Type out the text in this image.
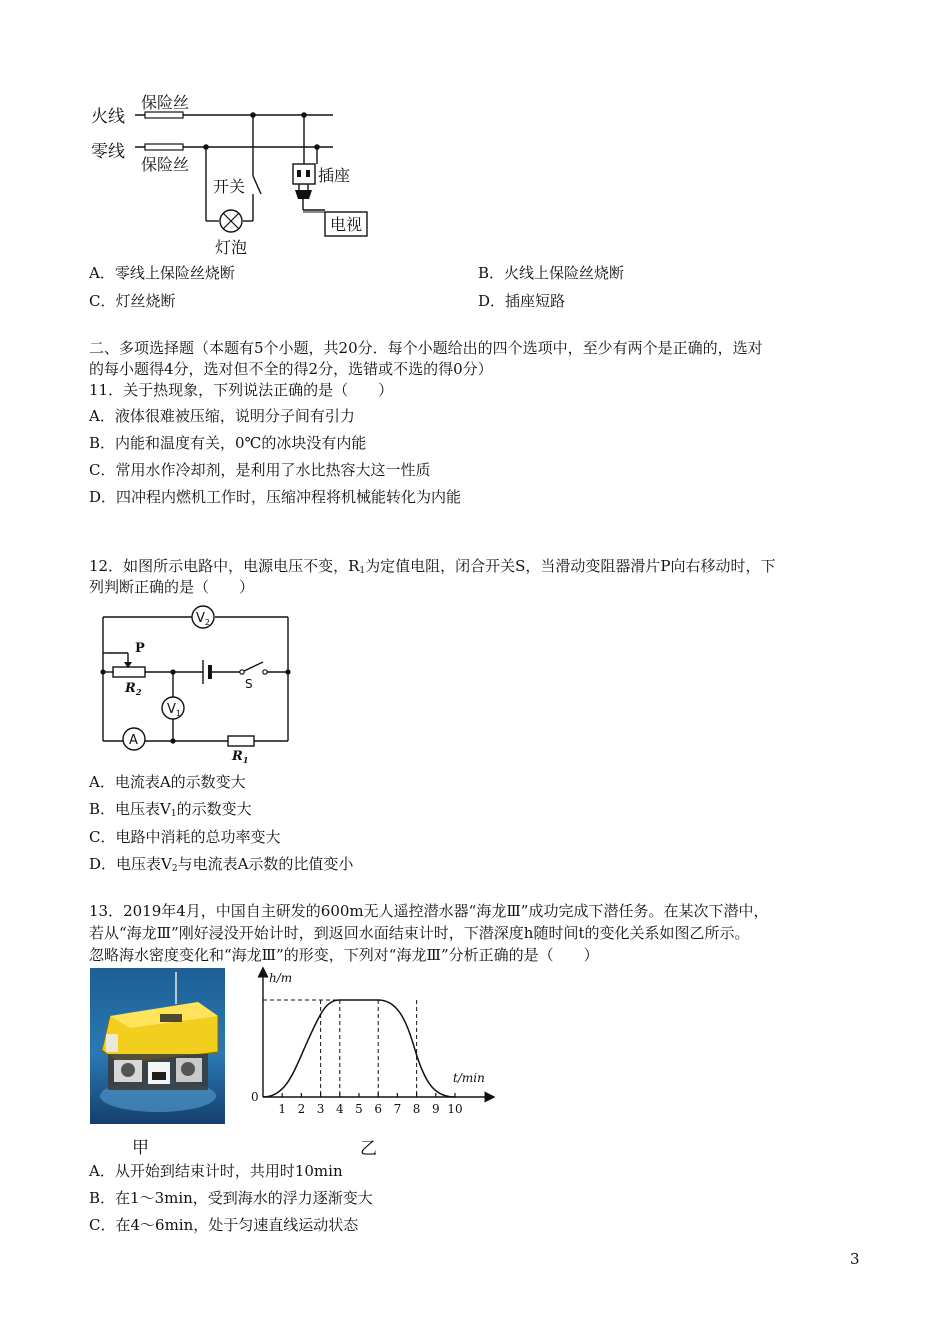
火线
零线
保险丝
保险丝
开关
灯泡
插座
电视
A．零线上保险丝烧断	B．火线上保险丝烧断
C．灯丝烧断	D．插座短路
二、多项选择题（本题有5个小题，共20分．每个小题给出的四个选项中，至少有两个是正确的，选对
的每小题得4分，选对但不全的得2分，选错或不选的得0分）
11．关于热现象，下列说法正确的是（　　）
A．液体很难被压缩，说明分子间有引力
B．内能和温度有关，0℃的冰块没有内能
C．常用水作冷却剂，是利用了水比热容大这一性质
D．四冲程内燃机工作时，压缩冲程将机械能转化为内能
12．如图所示电路中，电源电压不变，$R_1$为定值电阻，闭合开关S，当滑动变阻器滑片P向右移动时，下
列判断正确的是（　　）
$V_2$
P
$R_2$
S
$V_1$
A
$R_1$
A．电流表A的示数变大
B．电压表$V_1$的示数变大
C．电路中消耗的总功率变大
D．电压表$V_2$与电流表A示数的比值变小
13．2019年4月，中国自主研发的600m无人遥控潜水器“海龙Ⅲ”成功完成下潜任务。在某次下潜中，
若从“海龙Ⅲ”刚好浸没开始计时，到返回水面结束计时，下潜深度h随时间t的变化关系如图乙所示。
忽略海水密度变化和“海龙Ⅲ”的形变，下列对“海龙Ⅲ”分析正确的是（　　）
甲
1 2 3 4 5 6 7 8 9 10
h/m
t/min
0
乙
A．从开始到结束计时，共用时10min
B．在1～3min，受到海水的浮力逐渐变大
C．在4～6min，处于匀速直线运动状态
3
